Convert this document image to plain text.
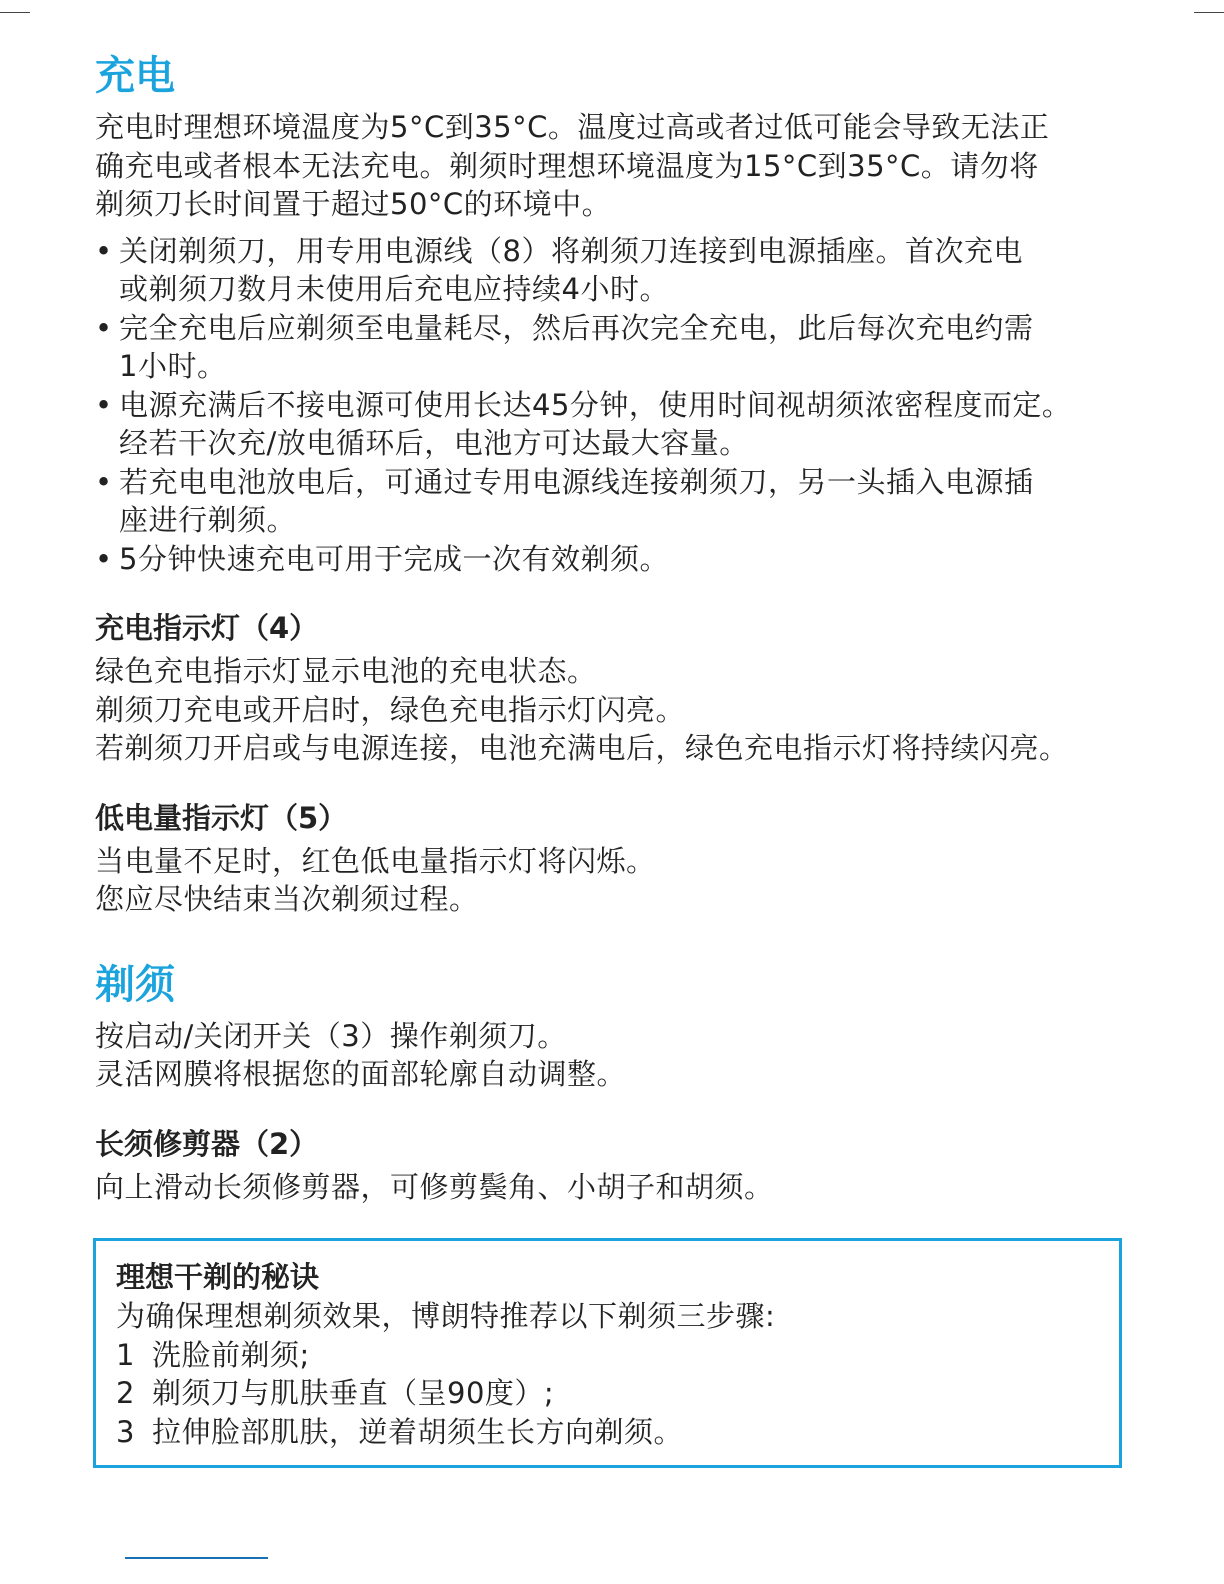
充电
充电时理想环境温度为5°C到35°C。温度过高或者过低可能会导致无法正
确充电或者根本无法充电。剃须时理想环境温度为15°C到35°C。请勿将
剃须刀长时间置于超过50°C的环境中。
• 关闭剃须刀，用专用电源线（8）将剃须刀连接到电源插座。首次充电
或剃须刀数月未使用后充电应持续4小时。
• 完全充电后应剃须至电量耗尽，然后再次完全充电，此后每次充电约需
1小时。
• 电源充满后不接电源可使用长达45分钟，使用时间视胡须浓密程度而定。
经若干次充/放电循环后，电池方可达最大容量。
• 若充电电池放电后，可通过专用电源线连接剃须刀，另一头插入电源插
座进行剃须。
• 5分钟快速充电可用于完成一次有效剃须。
充电指示灯（4）
绿色充电指示灯显示电池的充电状态。
剃须刀充电或开启时，绿色充电指示灯闪亮。
若剃须刀开启或与电源连接，电池充满电后，绿色充电指示灯将持续闪亮。
低电量指示灯（5）
当电量不足时，红色低电量指示灯将闪烁。
您应尽快结束当次剃须过程。
剃须
按启动/关闭开关（3）操作剃须刀。
灵活网膜将根据您的面部轮廓自动调整。
长须修剪器（2）
向上滑动长须修剪器，可修剪鬓角、小胡子和胡须。
理想干剃的秘诀
为确保理想剃须效果，博朗特推荐以下剃须三步骤:
1 洗脸前剃须;
2 剃须刀与肌肤垂直（呈90度）;
3 拉伸脸部肌肤，逆着胡须生长方向剃须。
